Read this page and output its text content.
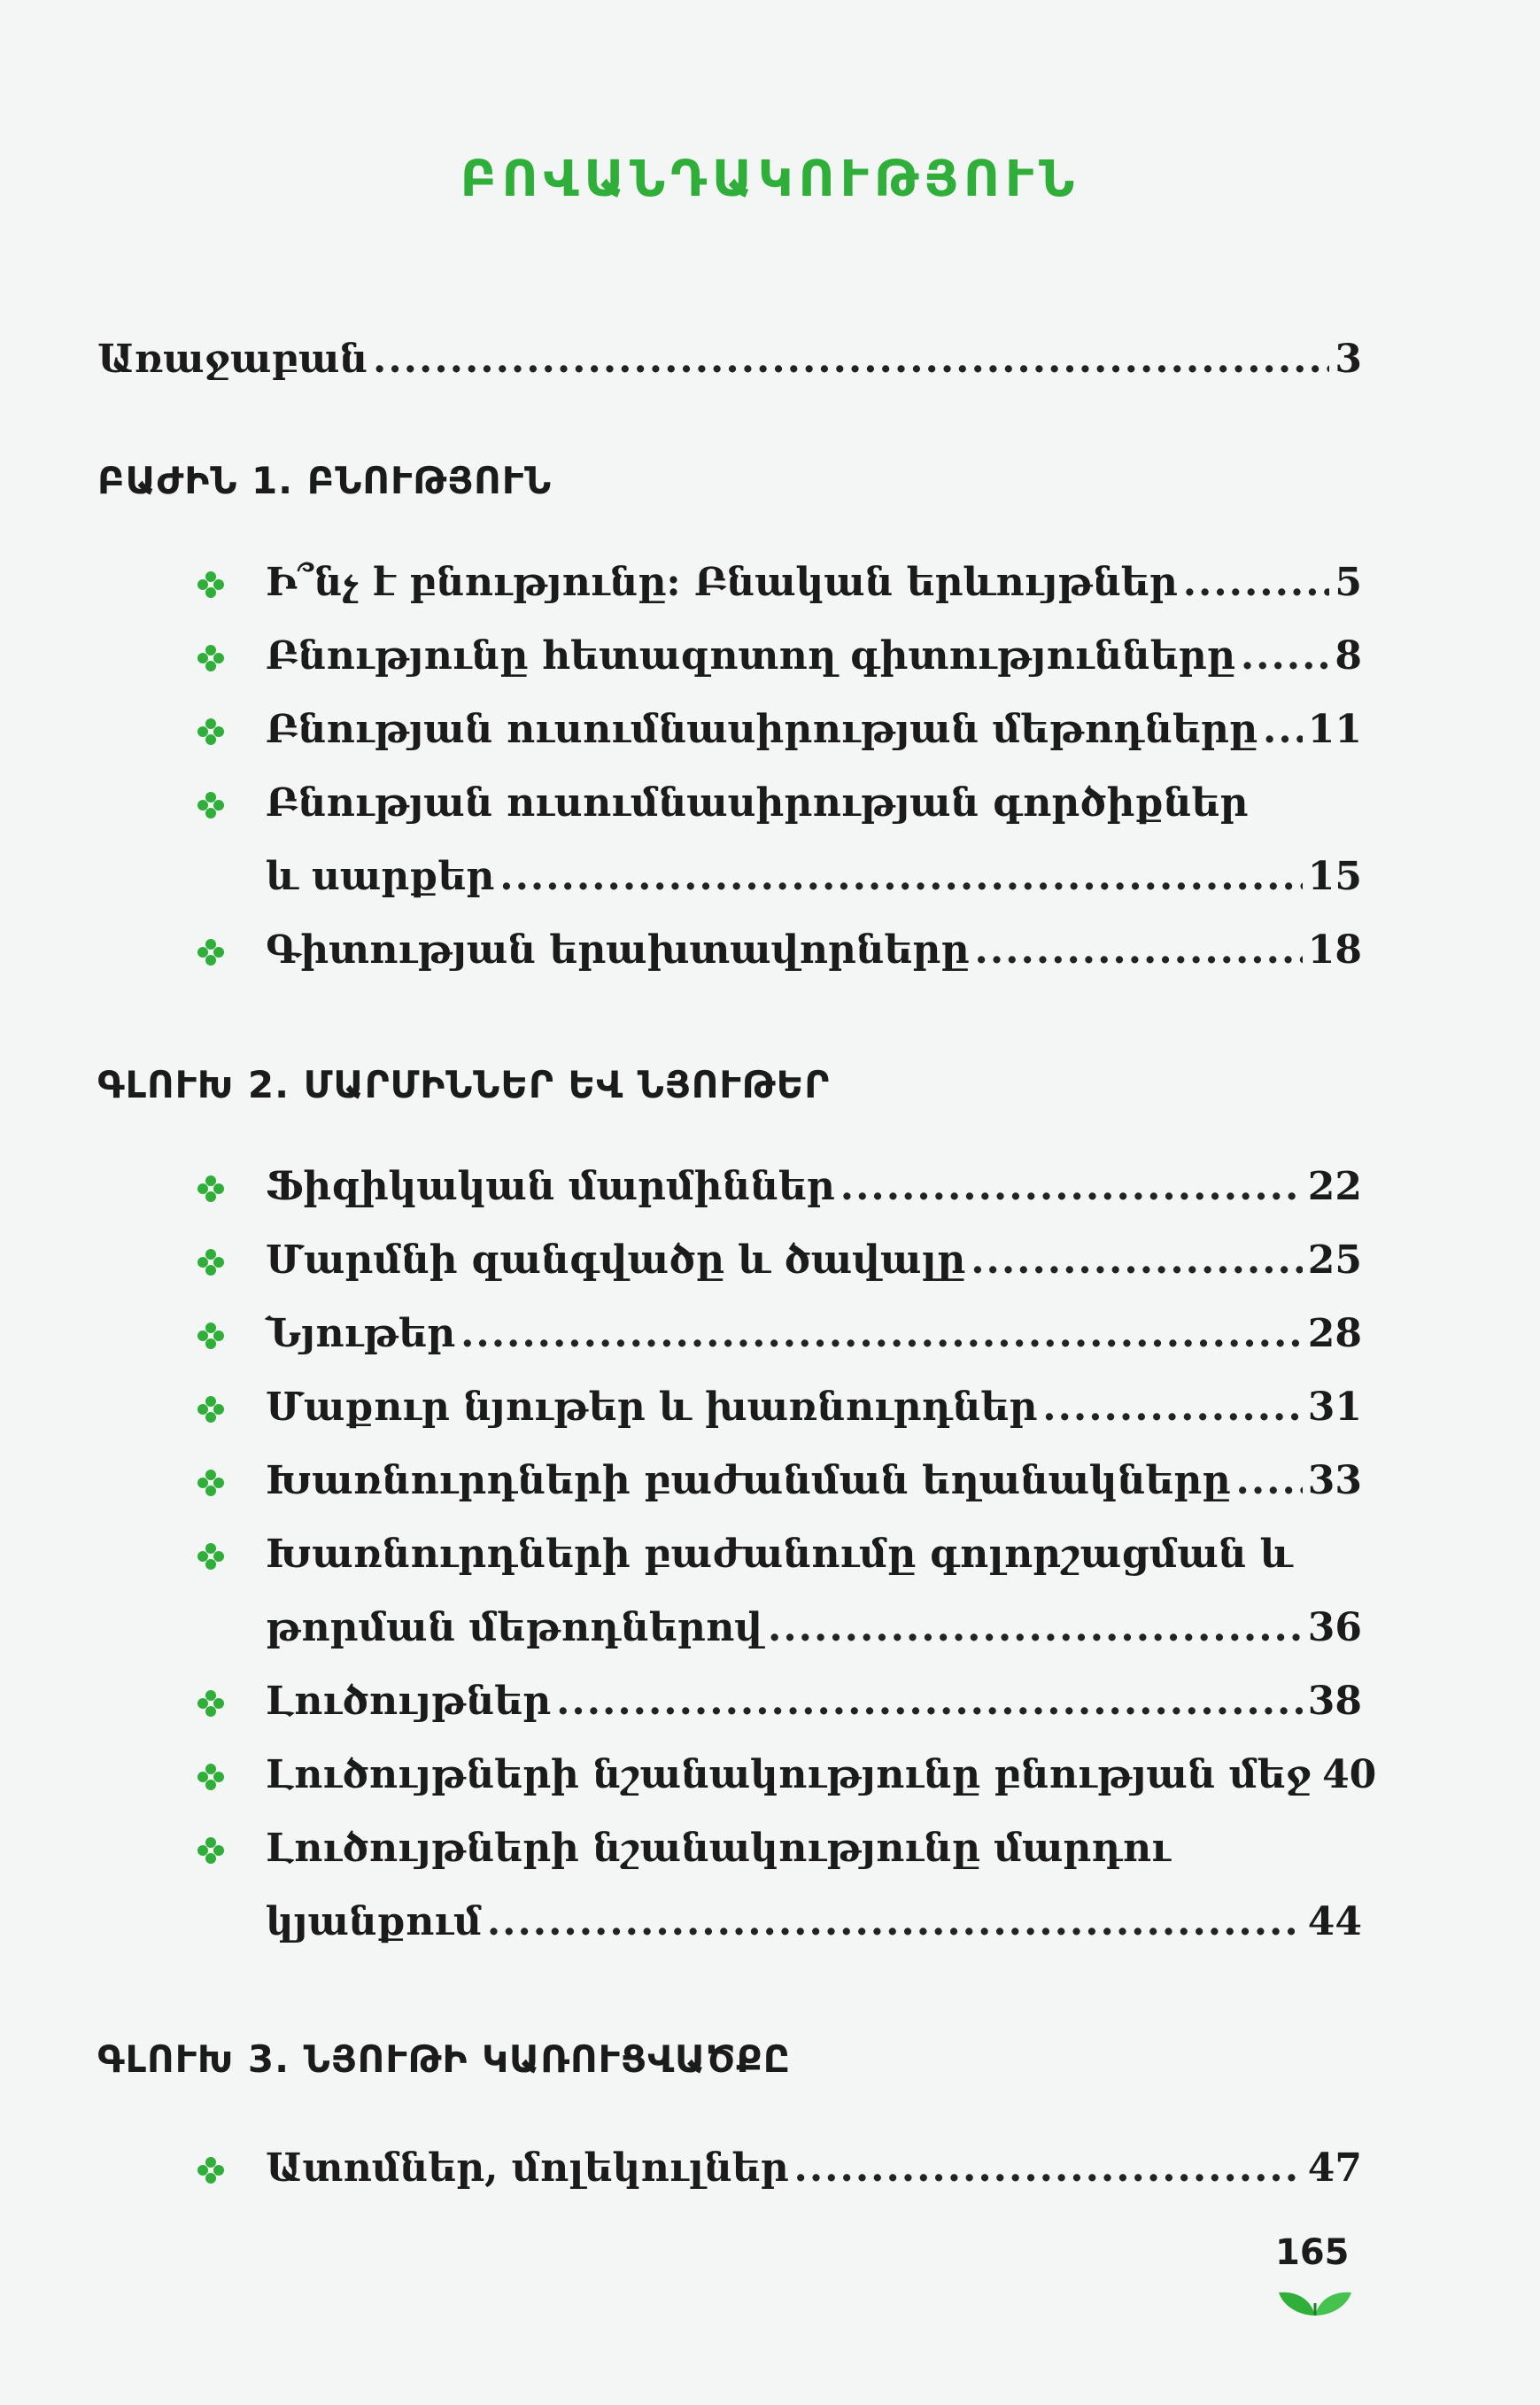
ԲՈՎԱՆԴԱԿՈՒԹՅՈՒՆ
Առաջաբան .....	3
ԲԱԺԻՆ 1. ԲՆՈՒԹՅՈՒՆ
Ի՞նչ է բնությունը: Բնական երևույթներ .....	5
Բնությունը հետազոտող գիտությունները .....	8
Բնության ուսումնասիրության մեթոդները ..... 11
Բնության ուսումնասիրության գործիքներ
և սարքեր .....	15
Գիտության երախտավորները .....	18
ԳԼՈՒԽ 2. ՄԱՐՄԻՆՆԵՐ ԵՎ ՆՅՈՒԹԵՐ
Ֆիզիկական մարմիններ .....	22
Մարմնի զանգվածը և ծավալը .....	25
Նյութեր .....	28
Մաքուր նյութեր և խառնուրդներ .....	31
Խառնուրդների բաժանման եղանակները ..... 33
Խառնուրդների բաժանումը գոլորշացման և
թորման մեթոդներով .....	36
Լուծույթներ .....	38
Լուծույթների նշանակությունը բնության մեջ 40
Լուծույթների նշանակությունը մարդու
կյանքում .....	44
ԳԼՈՒԽ 3. ՆՅՈՒԹԻ ԿԱՌՈՒՑՎԱԾՔԸ
Ատոմներ, մոլեկուլներ .....	47
165
